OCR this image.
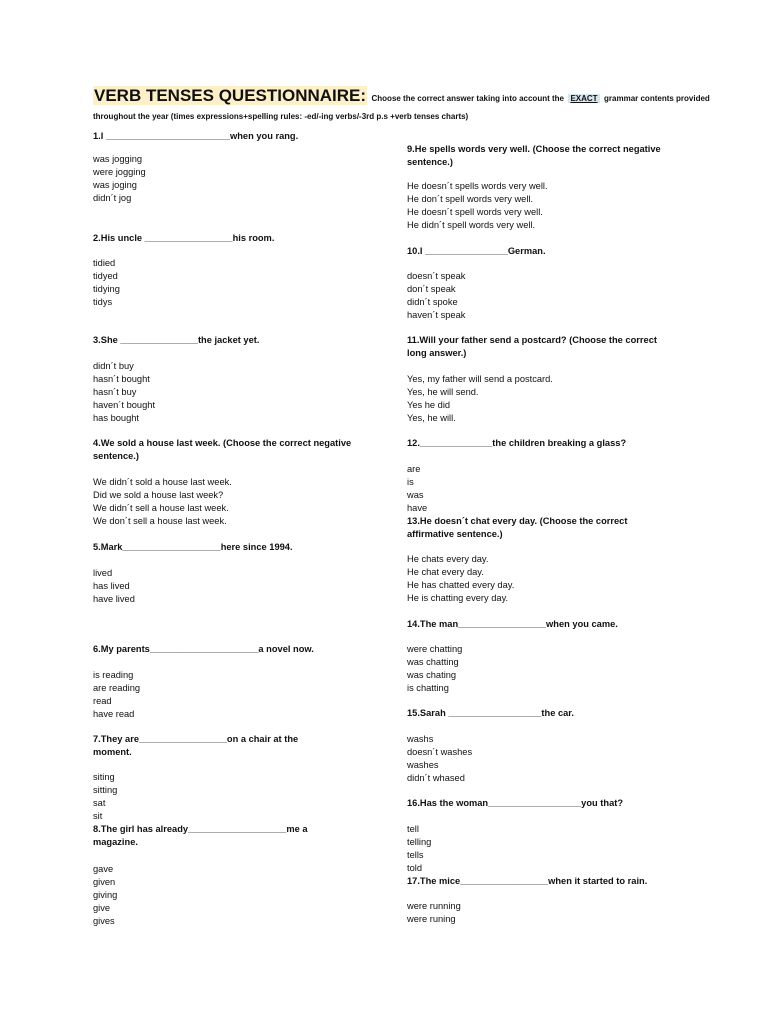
VERB TENSES QUESTIONNAIRE: Choose the correct answer taking into account the EXACT grammar contents provided
throughout the year (times expressions+spelling rules: -ed/-ing verbs/-3rd p.s +verb tenses charts)
1.I ________________________when you rang.
was jogging
were jogging
was joging
didn´t jog
2.His uncle _________________his room.
tidied
tidyed
tidying
tidys
3.She _______________the jacket yet.
didn´t buy
hasn´t bought
hasn´t buy
haven´t bought
has bought
4.We sold a house last week. (Choose the correct negative sentence.)
We didn´t sold a house last week.
Did we sold a house last week?
We didn´t sell a house last week.
We don´t sell a house last week.
5.Mark___________________here since 1994.
lived
has lived
have lived
6.My parents_____________________a novel now.
is reading
are reading
read
have read
7.They are_________________on a chair at the moment.
siting
sitting
sat
sit
8.The girl has already___________________me a magazine.
gave
given
giving
give
gives
9.He spells words very well. (Choose the correct negative sentence.)
He doesn´t spells words very well.
He don´t spell words very well.
He doesn´t spell words very well.
He didn´t spell words very well.
10.I ________________German.
doesn´t speak
don´t speak
didn´t spoke
haven´t speak
11.Will your father send a postcard? (Choose the correct long answer.)
Yes, my father will send a postcard.
Yes, he will send.
Yes he did
Yes, he will.
12.______________the children breaking a glass?
are
is
was
have
13.He doesn´t chat every day. (Choose the correct affirmative sentence.)
He chats every day.
He chat every day.
He has chatted every day.
He is chatting every day.
14.The man_________________when you came.
were chatting
was chatting
was chating
is chatting
15.Sarah __________________the car.
washs
doesn´t washes
washes
didn´t whased
16.Has the woman__________________you that?
tell
telling
tells
told
17.The mice_________________when it started to rain.
were running
were runing
